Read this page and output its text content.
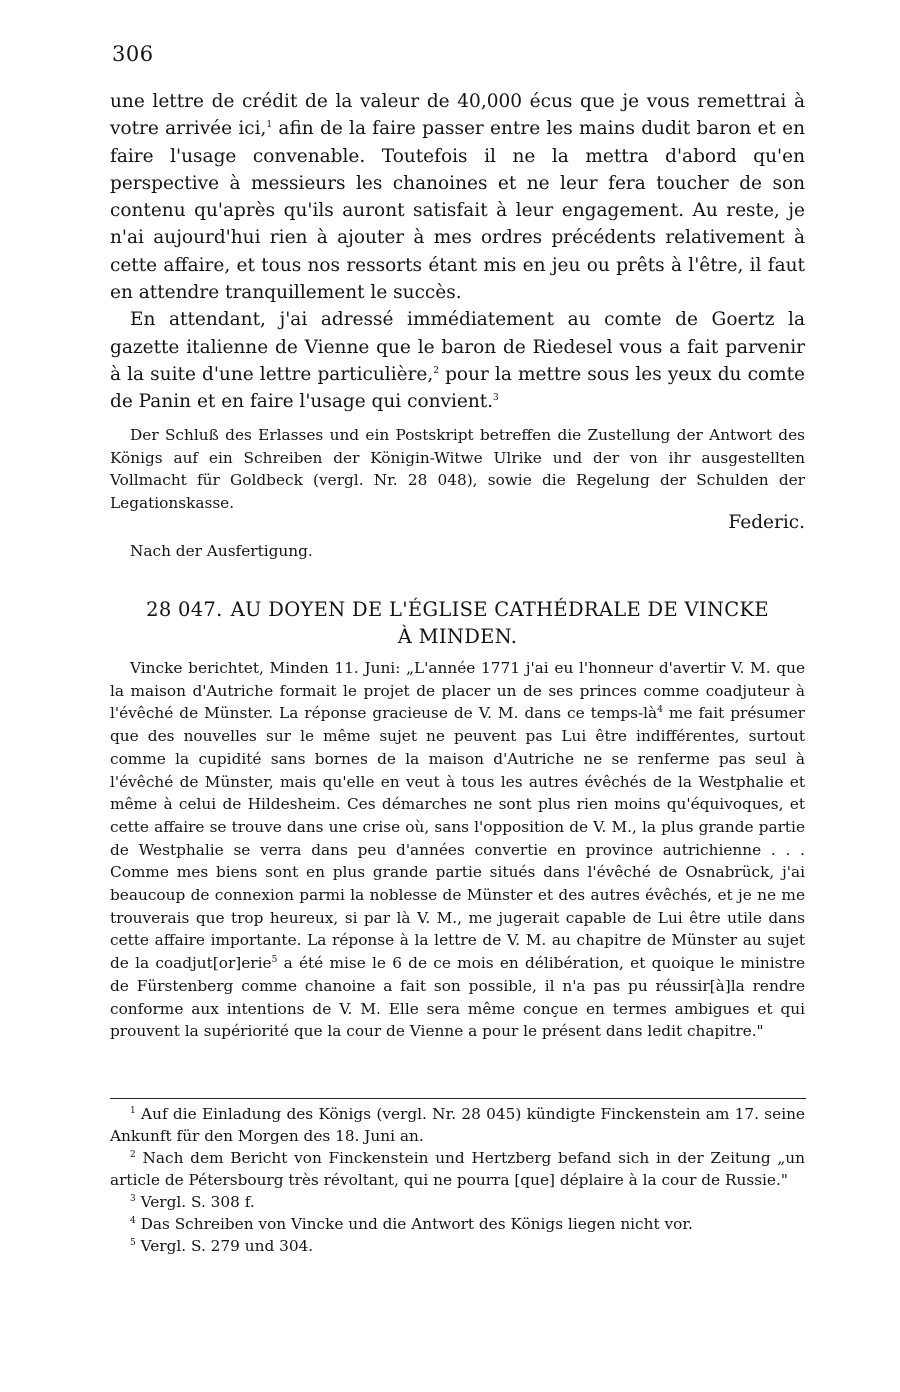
306

une lettre de crédit de la valeur de 40,000 écus que je vous remettrai à votre arrivée ici,$^1$ afin de la faire passer entre les mains dudit baron et en faire l'usage convenable. Toutefois il ne la mettra d'abord qu'en perspective à messieurs les chanoines et ne leur fera toucher de son contenu qu'après qu'ils auront satisfait à leur engagement. Au reste, je n'ai aujourd'hui rien à ajouter à mes ordres précédents relativement à cette affaire, et tous nos ressorts étant mis en jeu ou prêts à l'être, il faut en attendre tranquillement le succès.

En attendant, j'ai adressé immédiatement au comte de Goertz la gazette italienne de Vienne que le baron de Riedesel vous a fait parvenir à la suite d'une lettre particulière,$^2$ pour la mettre sous les yeux du comte de Panin et en faire l'usage qui convient.$^3$

Der Schluß des Erlasses und ein Postskript betreffen die Zustellung der Antwort des Königs auf ein Schreiben der Königin-Witwe Ulrike und der von ihr ausgestellten Vollmacht für Goldbeck (vergl. Nr. 28 048), sowie die Regelung der Schulden der Legationskasse.

Federic.

Nach der Ausfertigung.

28 047. AU DOYEN DE L'ÉGLISE CATHÉDRALE DE VINCKE
À MINDEN.

Vincke berichtet, Minden 11. Juni: „L'année 1771 j'ai eu l'honneur d'avertir V. M. que la maison d'Autriche formait le projet de placer un de ses princes comme coadjuteur à l'évêché de Münster. La réponse gracieuse de V. M. dans ce temps-$là^4$ me fait présumer que des nouvelles sur le même sujet ne peuvent pas Lui être indifférentes, surtout comme la cupidité sans bornes de la maison d'Autriche ne se renferme pas seul à l'évêché de Münster, mais qu'elle en veut à tous les autres évêchés de la Westphalie et même à celui de Hildesheim. Ces démarches ne sont plus rien moins qu'équivoques, et cette affaire se trouve dans une crise où, sans l'opposition de V. M., la plus grande partie de Westphalie se verra dans peu d'années convertie en province autrichienne . . . Comme mes biens sont en plus grande partie situés dans l'évêché de Osnabrück, j'ai beaucoup de connexion parmi la noblesse de Münster et des autres évêchés, et je ne me trouverais que trop heureux, si par là V. M., me jugerait capable de Lui être utile dans cette affaire importante. La réponse à la lettre de V. M. au chapitre de Münster au sujet de la coadjut[or]erie$^5$ a été mise le 6 de ce mois en délibération, et quoique le ministre de Fürstenberg comme chanoine a fait son possible, il n'a pas pu réussir[à]la rendre conforme aux intentions de V. M. Elle sera même conçue en termes ambigues et qui prouvent la supériorité que la cour de Vienne a pour le présent dans ledit chapitre."

$^1$ Auf die Einladung des Königs (vergl. Nr. 28 045) kündigte Finckenstein am 17. seine Ankunft für den Morgen des 18. Juni an.

$^2$ Nach dem Bericht von Finckenstein und Hertzberg befand sich in der Zeitung „un article de Pétersbourg très révoltant, qui ne pourra [que] déplaire à la cour de Russie."

$^3$ Vergl. S. 308 f.

$^4$ Das Schreiben von Vincke und die Antwort des Königs liegen nicht vor.

$^5$ Vergl. S. 279 und 304.
